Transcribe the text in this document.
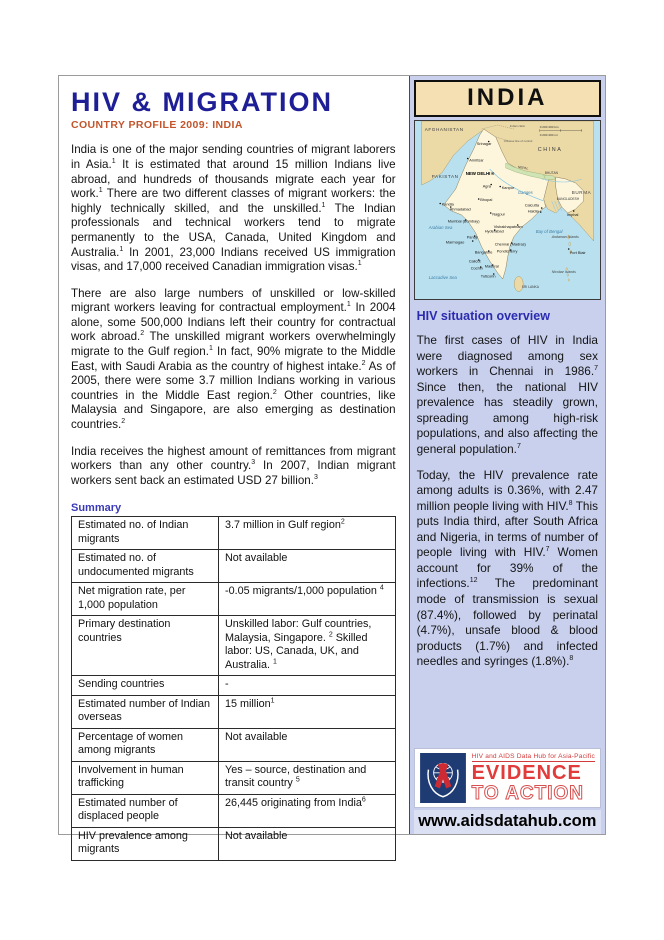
HIV & MIGRATION
COUNTRY PROFILE 2009: INDIA

India is one of the major sending countries of migrant laborers in Asia.$^1$ It is estimated that around 15 million Indians live abroad, and hundreds of thousands migrate each year for work.$^1$ There are two different classes of migrant workers: the highly technically skilled, and the unskilled.$^1$ The Indian professionals and technical workers tend to migrate permanently to the USA, Canada, United Kingdom and Australia.$^1$ In 2001, 23,000 Indians received US immigration visas, and 17,000 received Canadian immigration visas.$^1$

There are also large numbers of unskilled or low-skilled migrant workers leaving for contractual employment.$^1$ In 2004 alone, some 500,000 Indians left their country for contractual work abroad.$^2$ The unskilled migrant workers overwhelmingly migrate to the Gulf region.$^1$ In fact, 90% migrate to the Middle East, with Saudi Arabia as the country of highest intake.$^2$ As of 2005, there were some 3.7 million Indians working in various countries in the Middle East region.$^2$ Other countries, like Malaysia and Singapore, are also emerging as destination countries.$^2$

India receives the highest amount of remittances from migrant workers than any other country.$^3$ In 2007, Indian migrant workers sent back an estimated USD 27 billion.$^3$

Summary
Estimated no. of Indian migrants	3.7 million in Gulf region$^2$
Estimated no. of undocumented migrants	Not available
Net migration rate, per 1,000 population	-0.05 migrants/1,000 population $^4$
Primary destination countries	Unskilled labor: Gulf countries, Malaysia, Singapore. $^2$ Skilled labor: US, Canada, UK, and Australia. $^1$
Sending countries	-
Estimated number of Indian overseas	15 million$^1$
Percentage of women among migrants	Not available
Involvement in human trafficking	Yes – source, destination and transit country $^5$
Estimated number of displaced people	26,445 originating from India$^6$
HIV prevalence among migrants	Not available
INDIA
0 200 400 km
0 200 400 mi
Indian claim
Chinese line of control
AFGHANISTAN
PAKISTAN
CHINA
NEPAL
BHUTAN
BANGLADESH
BURMA
NEW DELHI
Srinagar
Amritsar
Agra	Kanpur
Kandla
Bhopal
Ahmadabad
Nagpur
Calcutta
Haldia
Mumbai (Bombay)
Vishakhapatnam
Hyderabad
Panaji
Marmagao
Bangalore
Chennai (Madras)
Pondicherry
Calicut
Cochin Madurai
Tuticorin
Imphal
Port Blair
Arabian Sea
Bay of Bengal
Laccadive Sea
Ganges
Andaman Islands
Nicobar Islands
SRI LANKA
HIV situation overview

The first cases of HIV in India were diagnosed among sex workers in Chennai in 1986.$^7$ Since then, the national HIV prevalence has steadily grown, spreading among high-risk populations, and also affecting the general population.$^7$

Today, the HIV prevalence rate among adults is 0.36%, with 2.47 million people living with HIV.$^8$ This puts India third, after South Africa and Nigeria, in terms of number of people living with HIV.$^7$ Women account for 39% of the infections.$^{12}$ The predominant mode of transmission is sexual (87.4%), followed by perinatal (4.7%), unsafe blood & blood products (1.7%) and infected needles and syringes (1.8%).$^8$

HIV and AIDS Data Hub for Asia-Pacific
EVIDENCE
TO ACTION
www.aidsdatahub.com
